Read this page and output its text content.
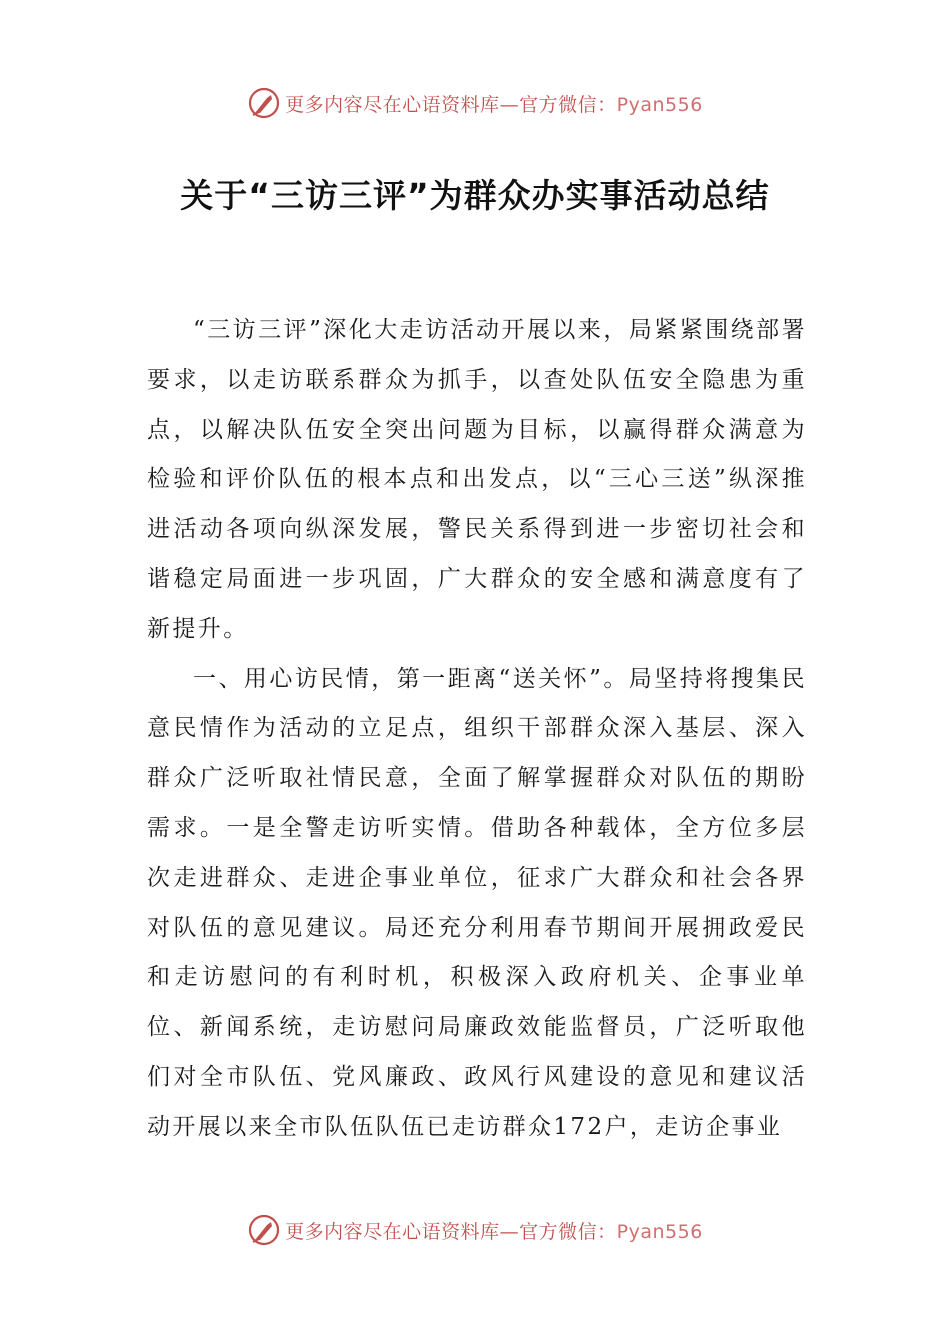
更多内容尽在心语资料库—官方微信：Pyan556
关于“三访三评”为群众办实事活动总结

“三访三评”深化大走访活动开展以来，局紧紧围绕部署要求，以走访联系群众为抓手，以查处队伍安全隐患为重点，以解决队伍安全突出问题为目标，以赢得群众满意为检验和评价队伍的根本点和出发点，以“三心三送”纵深推进活动各项向纵深发展，警民关系得到进一步密切社会和谐稳定局面进一步巩固，广大群众的安全感和满意度有了新提升。

一、用心访民情，第一距离“送关怀”。局坚持将搜集民意民情作为活动的立足点，组织干部群众深入基层、深入群众广泛听取社情民意，全面了解掌握群众对队伍的期盼需求。一是全警走访听实情。借助各种载体，全方位多层次走进群众、走进企事业单位，征求广大群众和社会各界对队伍的意见建议。局还充分利用春节期间开展拥政爱民和走访慰问的有利时机，积极深入政府机关、企事业单位、新闻系统，走访慰问局廉政效能监督员，广泛听取他们对全市队伍、党风廉政、政风行风建设的意见和建议活动开展以来全市队伍队伍已走访群众172户，走访企事业

更多内容尽在心语资料库—官方微信：Pyan556
